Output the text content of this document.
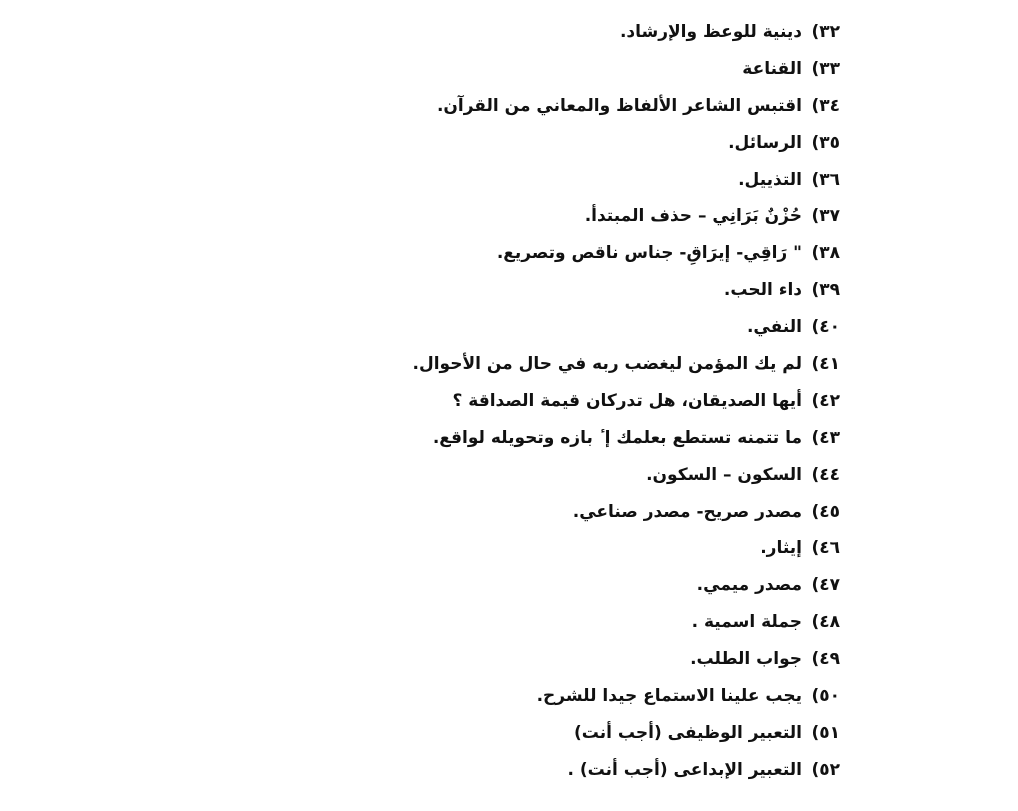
٣٢)
دينية للوعظ والإرشاد.
٣٣)
القناعة
٣٤)
اقتبس الشاعر الألفاظ والمعاني من القرآن.
٣٥)
الرسائل.
٣٦)
التذييل.
٣٧)
حُزْنٌ بَرَانِي – حذف المبتدأ.
٣٨)
" رَاقِي- إيرَاقِ- جناس ناقص وتصريع.
٣٩)
داء الحب.
٤٠)
النفي.
٤١)
لم يك المؤمن ليغضب ربه في حال من الأحوال.
٤٢)
أيها الصديقان، هل تدركان قيمة الصداقة ؟
٤٣)
ما تتمنه تستطع بعلمك إ ٔ بازه وتحويله لواقع.
٤٤)
السكون – السكون.
٤٥)
مصدر صريح- مصدر صناعي.
٤٦)
إيثار.
٤٧)
مصدر ميمي.
٤٨)
جملة اسمية .
٤٩)
جواب الطلب.
٥٠)
يجب علينا الاستماع جيدا للشرح.
٥١)
التعبير الوظيفى (أجب أنت)
٥٢)
التعبير الإبداعى (أجب أنت) .
